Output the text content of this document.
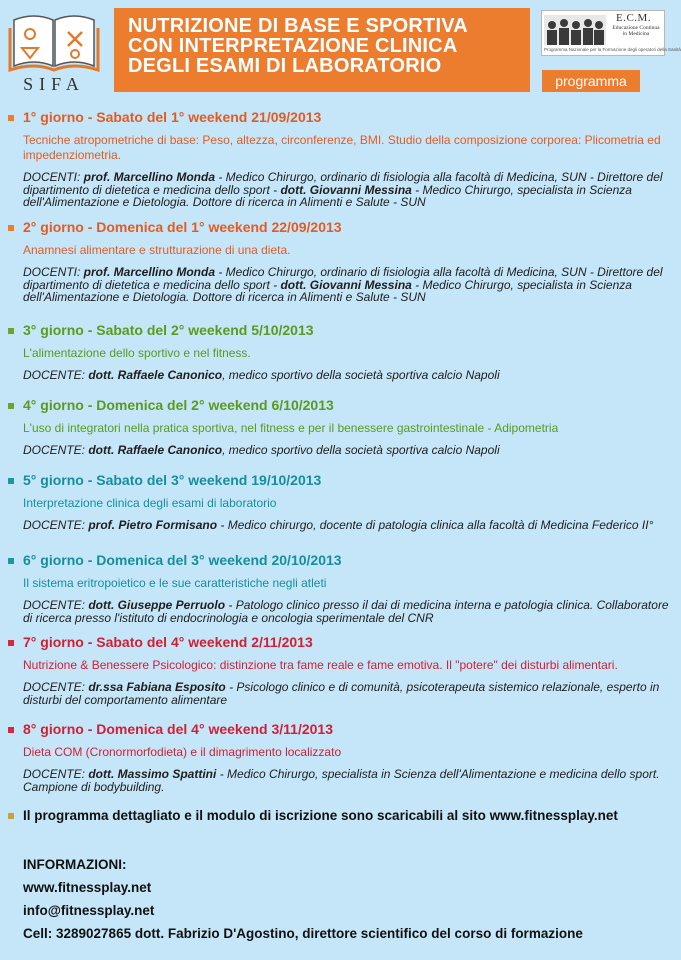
SIFA
NUTRIZIONE DI BASE E SPORTIVA
CON INTERPRETAZIONE CLINICA
DEGLI ESAMI DI LABORATORIO
E.C.M.
Educazione Continua
in Medicina
Programma Nazionale per la Formazione degli operatori della Sanità
programma
1° giorno - Sabato del 1° weekend 21/09/2013
Tecniche atropometriche di base: Peso, altezza, circonferenze, BMI. Studio della composizione corporea: Plicometria ed impedenziometria.
DOCENTI: prof. Marcellino Monda - Medico Chirurgo, ordinario di fisiologia alla facoltà di Medicina, SUN - Direttore del dipartimento di dietetica e medicina dello sport - dott. Giovanni Messina - Medico Chirurgo, specialista in Scienza dell'Alimentazione e Dietologia. Dottore di ricerca in Alimenti e Salute - SUN
2° giorno - Domenica del 1° weekend 22/09/2013
Anamnesi alimentare e strutturazione di una dieta.
DOCENTI: prof. Marcellino Monda - Medico Chirurgo, ordinario di fisiologia alla facoltà di Medicina, SUN - Direttore del dipartimento di dietetica e medicina dello sport - dott. Giovanni Messina - Medico Chirurgo, specialista in Scienza dell'Alimentazione e Dietologia. Dottore di ricerca in Alimenti e Salute - SUN
3° giorno - Sabato del 2° weekend 5/10/2013
L'alimentazione dello sportivo e nel fitness.
DOCENTE: dott. Raffaele Canonico, medico sportivo della società sportiva calcio Napoli
4° giorno - Domenica del 2° weekend 6/10/2013
L'uso di integratori nella pratica sportiva, nel fitness e per il benessere gastrointestinale - Adipometria
DOCENTE: dott. Raffaele Canonico, medico sportivo della società sportiva calcio Napoli
5° giorno - Sabato del 3° weekend 19/10/2013
Interpretazione clinica degli esami di laboratorio
DOCENTE: prof. Pietro Formisano - Medico chirurgo, docente di patologia clinica alla facoltà di Medicina Federico II°
6° giorno - Domenica del 3° weekend 20/10/2013
Il sistema eritropoietico e le sue caratteristiche negli atleti
DOCENTE: dott. Giuseppe Perruolo - Patologo clinico presso il dai di medicina interna e patologia clinica. Collaboratore di ricerca presso l'istituto di endocrinologia e oncologia sperimentale del CNR
7° giorno - Sabato del 4° weekend 2/11/2013
Nutrizione & Benessere Psicologico: distinzione tra fame reale e fame emotiva. Il "potere" dei disturbi alimentari.
DOCENTE: dr.ssa Fabiana Esposito - Psicologo clinico e di comunità, psicoterapeuta sistemico relazionale, esperto in disturbi del comportamento alimentare
8° giorno - Domenica del 4° weekend 3/11/2013
Dieta COM (Cronormorfodieta) e il dimagrimento localizzato
DOCENTE: dott. Massimo Spattini - Medico Chirurgo, specialista in Scienza dell'Alimentazione e medicina dello sport. Campione di bodybuilding.
Il programma dettagliato e il modulo di iscrizione sono scaricabili al sito www.fitnessplay.net
INFORMAZIONI:
www.fitnessplay.net
info@fitnessplay.net
Cell: 3289027865 dott. Fabrizio D'Agostino, direttore scientifico del corso di formazione
